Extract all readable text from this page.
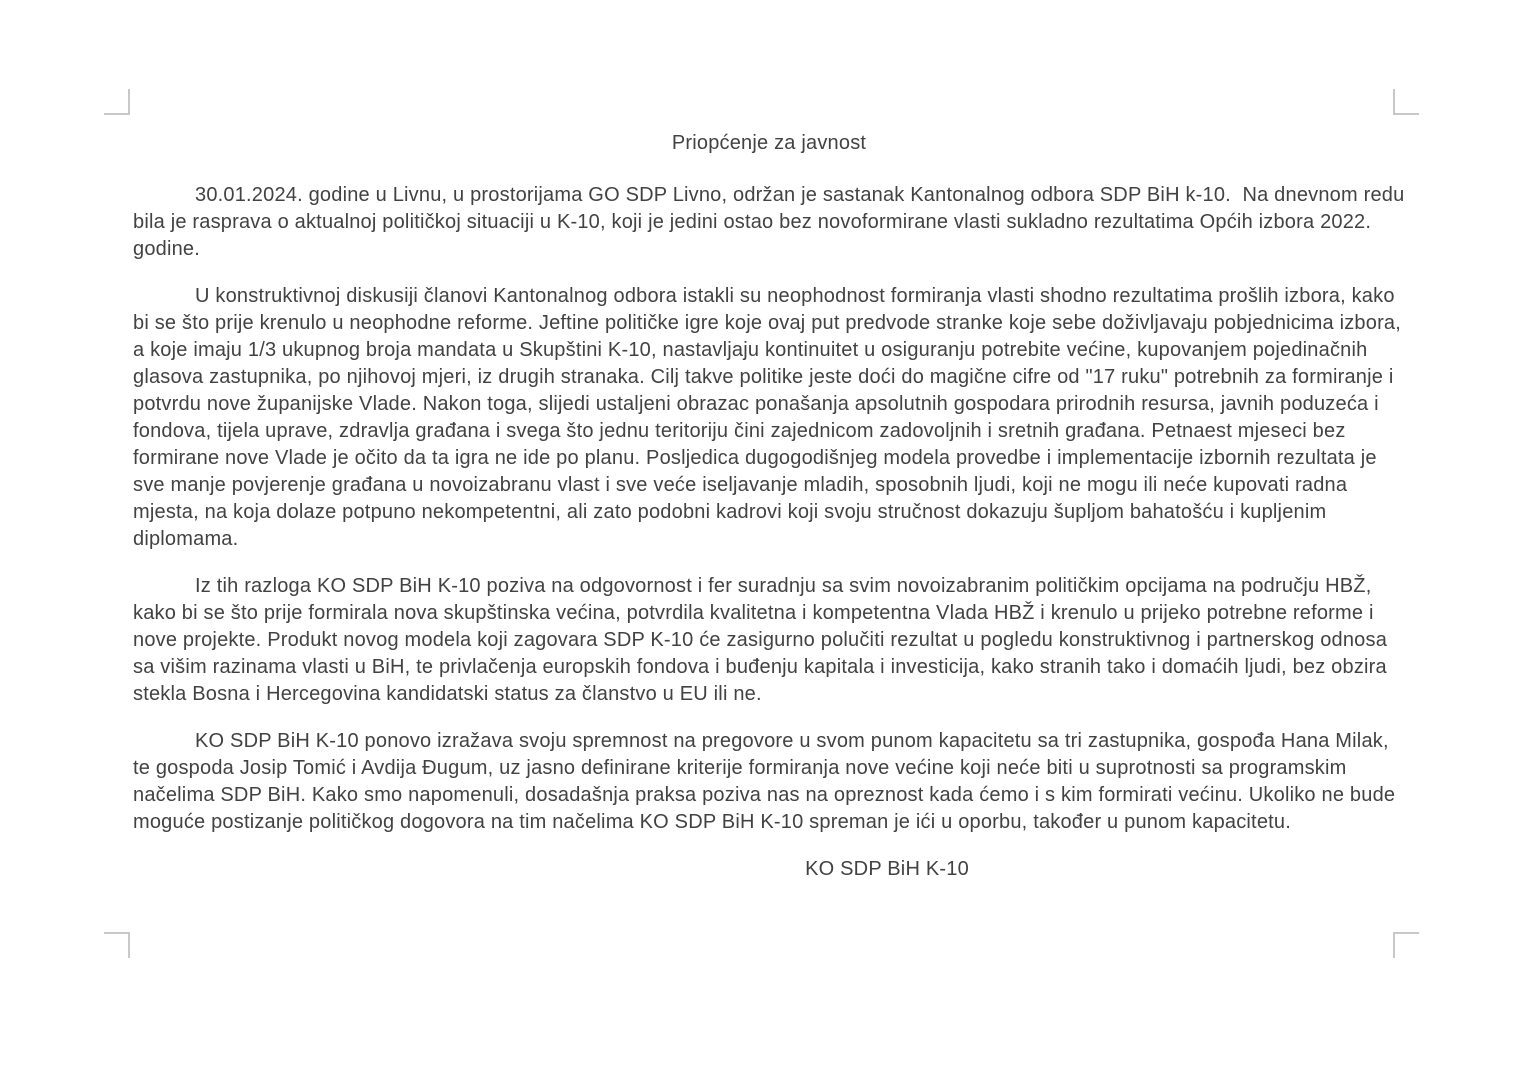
Priopćenje za javnost

30.01.2024. godine u Livnu, u prostorijama GO SDP Livno, održan je sastanak Kantonalnog odbora SDP BiH k-10.  Na dnevnom redu bila je rasprava o aktualnoj političkoj situaciji u K-10, koji je jedini ostao bez novoformirane vlasti sukladno rezultatima Općih izbora 2022. godine.

U konstruktivnoj diskusiji članovi Kantonalnog odbora istakli su neophodnost formiranja vlasti shodno rezultatima prošlih izbora, kako bi se što prije krenulo u neophodne reforme. Jeftine političke igre koje ovaj put predvode stranke koje sebe doživljavaju pobjednicima izbora, a koje imaju 1/3 ukupnog broja mandata u Skupštini K-10, nastavljaju kontinuitet u osiguranju potrebite većine, kupovanjem pojedinačnih glasova zastupnika, po njihovoj mjeri, iz drugih stranaka. Cilj takve politike jeste doći do magične cifre od "17 ruku" potrebnih za formiranje i potvrdu nove županijske Vlade. Nakon toga, slijedi ustaljeni obrazac ponašanja apsolutnih gospodara prirodnih resursa, javnih poduzeća i fondova, tijela uprave, zdravlja građana i svega što jednu teritoriju čini zajednicom zadovoljnih i sretnih građana. Petnaest mjeseci bez formirane nove Vlade je očito da ta igra ne ide po planu. Posljedica dugogodišnjeg modela provedbe i implementacije izbornih rezultata je sve manje povjerenje građana u novoizabranu vlast i sve veće iseljavanje mladih, sposobnih ljudi, koji ne mogu ili neće kupovati radna mjesta, na koja dolaze potpuno nekompetentni, ali zato podobni kadrovi koji svoju stručnost dokazuju šupljom bahatošću i kupljenim diplomama.

Iz tih razloga KO SDP BiH K-10 poziva na odgovornost i fer suradnju sa svim novoizabranim političkim opcijama na području HBŽ, kako bi se što prije formirala nova skupštinska većina, potvrdila kvalitetna i kompetentna Vlada HBŽ i krenulo u prijeko potrebne reforme i nove projekte. Produkt novog modela koji zagovara SDP K-10 će zasigurno polučiti rezultat u pogledu konstruktivnog i partnerskog odnosa sa višim razinama vlasti u BiH, te privlačenja europskih fondova i buđenju kapitala i investicija, kako stranih tako i domaćih ljudi, bez obzira stekla Bosna i Hercegovina kandidatski status za članstvo u EU ili ne.

KO SDP BiH K-10 ponovo izražava svoju spremnost na pregovore u svom punom kapacitetu sa tri zastupnika, gospođa Hana Milak, te gospoda Josip Tomić i Avdija Đugum, uz jasno definirane kriterije formiranja nove većine koji neće biti u suprotnosti sa programskim načelima SDP BiH. Kako smo napomenuli, dosadašnja praksa poziva nas na opreznost kada ćemo i s kim formirati većinu. Ukoliko ne bude moguće postizanje političkog dogovora na tim načelima KO SDP BiH K-10 spreman je ići u oporbu, također u punom kapacitetu.

KO SDP BiH K-10
